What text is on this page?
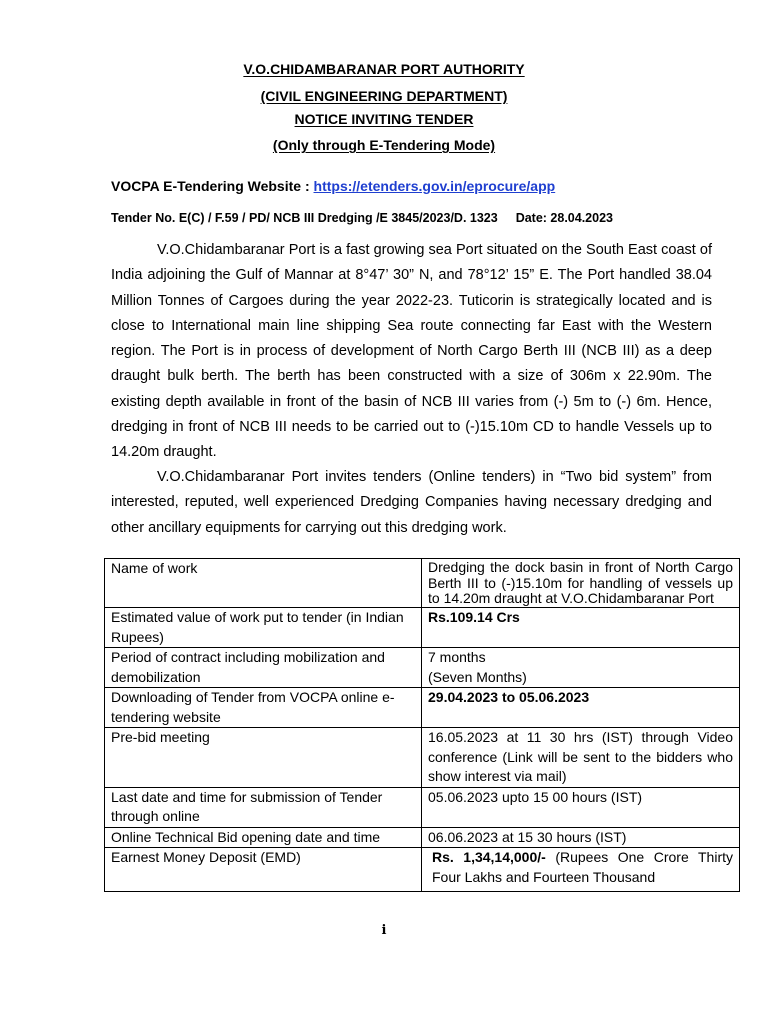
V.O.CHIDAMBARANAR PORT AUTHORITY
(CIVIL ENGINEERING DEPARTMENT)
NOTICE INVITING TENDER
(Only through E-Tendering Mode)
VOCPA E-Tendering Website : https://etenders.gov.in/eprocure/app
Tender No. E(C) / F.59 / PD/ NCB III Dredging /E 3845/2023/D. 1323 Date: 28.04.2023

V.O.Chidambaranar Port is a fast growing sea Port situated on the South East coast of India adjoining the Gulf of Mannar at 8°47’ 30” N, and 78°12’ 15” E. The Port handled 38.04 Million Tonnes of Cargoes during the year 2022-23. Tuticorin is strategically located and is close to International main line shipping Sea route connecting far East with the Western region. The Port is in process of development of North Cargo Berth III (NCB III) as a deep draught bulk berth. The berth has been constructed with a size of 306m x 22.90m. The existing depth available in front of the basin of NCB III varies from (-) 5m to (-) 6m. Hence, dredging in front of NCB III needs to be carried out to (-)15.10m CD to handle Vessels up to 14.20m draught.

V.O.Chidambaranar Port invites tenders (Online tenders) in “Two bid system” from interested, reputed, well experienced Dredging Companies having necessary dredging and other ancillary equipments for carrying out this dredging work.

Name of work	Dredging the dock basin in front of North Cargo Berth III to (-)15.10m for handling of vessels up to 14.20m draught at V.O.Chidambaranar Port
Estimated value of work put to tender (in Indian Rupees)	Rs.109.14 Crs
Period of contract including mobilization and demobilization	7 months
(Seven Months)
Downloading of Tender from VOCPA online e-tendering website	29.04.2023 to 05.06.2023
Pre-bid meeting	16.05.2023 at 11 30 hrs (IST) through Video conference (Link will be sent to the bidders who show interest via mail)
Last date and time for submission of Tender through online	05.06.2023 upto 15 00 hours (IST)
Online Technical Bid opening date and time	06.06.2023 at 15 30 hours (IST)
Earnest Money Deposit (EMD)	Rs. 1,34,14,000/- (Rupees One Crore Thirty Four Lakhs and Fourteen Thousand
i
